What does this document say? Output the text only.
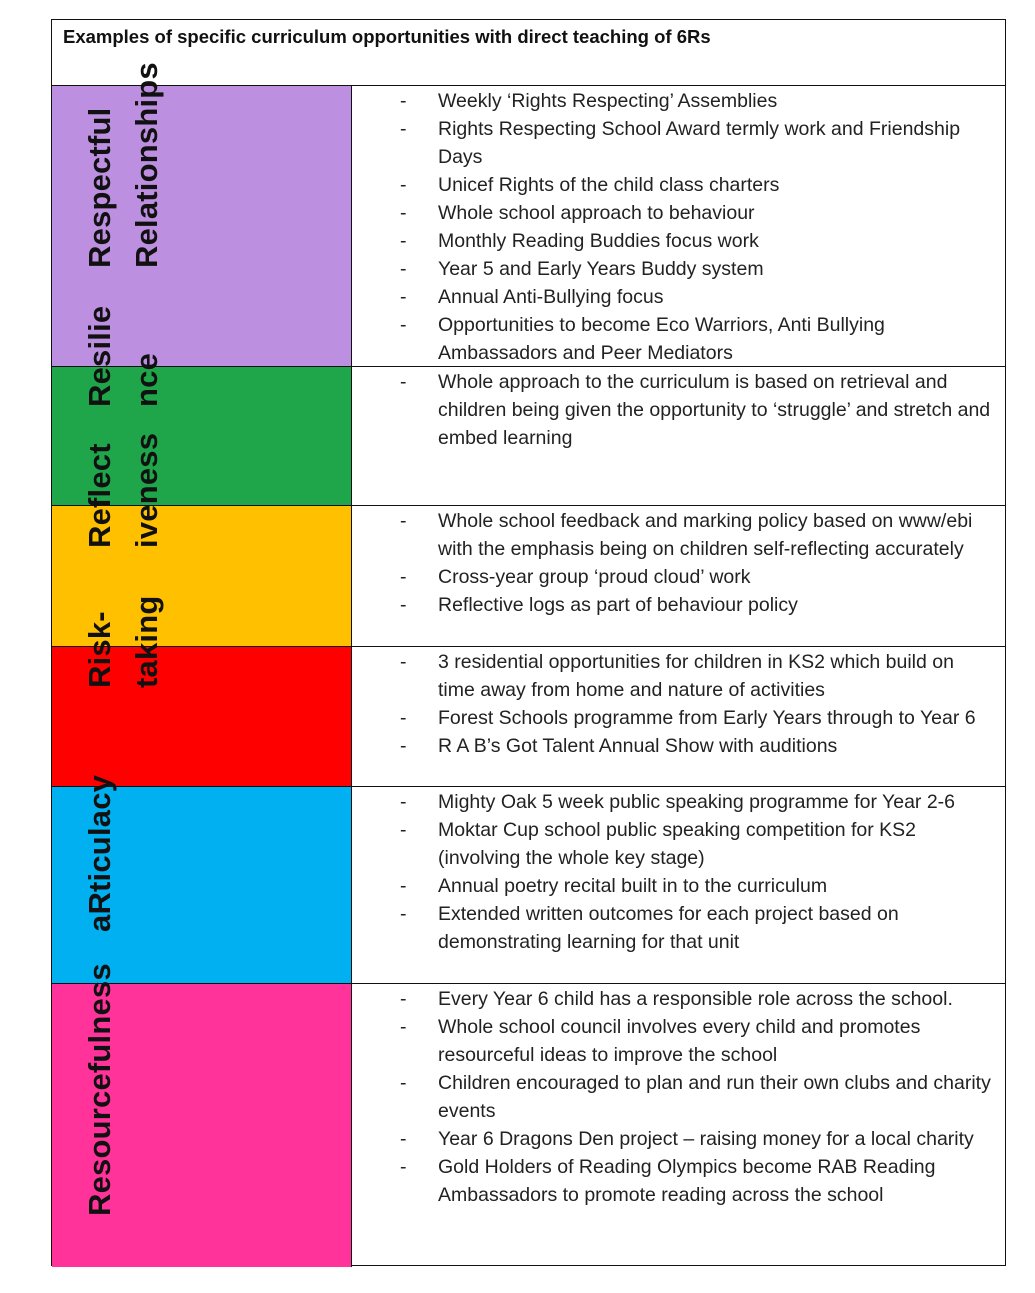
Examples of specific curriculum opportunities with direct teaching of 6Rs
Respectful Relationships	- Weekly ‘Rights Respecting’ Assemblies
- Rights Respecting School Award termly work and Friendship Days
- Unicef Rights of the child class charters
- Whole school approach to behaviour
- Monthly Reading Buddies focus work
- Year 5 and Early Years Buddy system
- Annual Anti-Bullying focus
- Opportunities to become Eco Warriors, Anti Bullying Ambassadors and Peer Mediators
Resilie nce	- Whole approach to the curriculum is based on retrieval and children being given the opportunity to ‘struggle’ and stretch and embed learning
Reflect iveness	- Whole school feedback and marking policy based on www/ebi with the emphasis being on children self-reflecting accurately
- Cross-year group ‘proud cloud’ work
- Reflective logs as part of behaviour policy
Risk- taking	- 3 residential opportunities for children in KS2 which build on time away from home and nature of activities
- Forest Schools programme from Early Years through to Year 6
- R A B’s Got Talent Annual Show with auditions
aRticulacy	- Mighty Oak 5 week public speaking programme for Year 2-6
- Moktar Cup school public speaking competition for KS2 (involving the whole key stage)
- Annual poetry recital built in to the curriculum
- Extended written outcomes for each project based on demonstrating learning for that unit
Resourcefulness	- Every Year 6 child has a responsible role across the school.
- Whole school council involves every child and promotes resourceful ideas to improve the school
- Children encouraged to plan and run their own clubs and charity events
- Year 6 Dragons Den project – raising money for a local charity
- Gold Holders of Reading Olympics become RAB Reading Ambassadors to promote reading across the school
